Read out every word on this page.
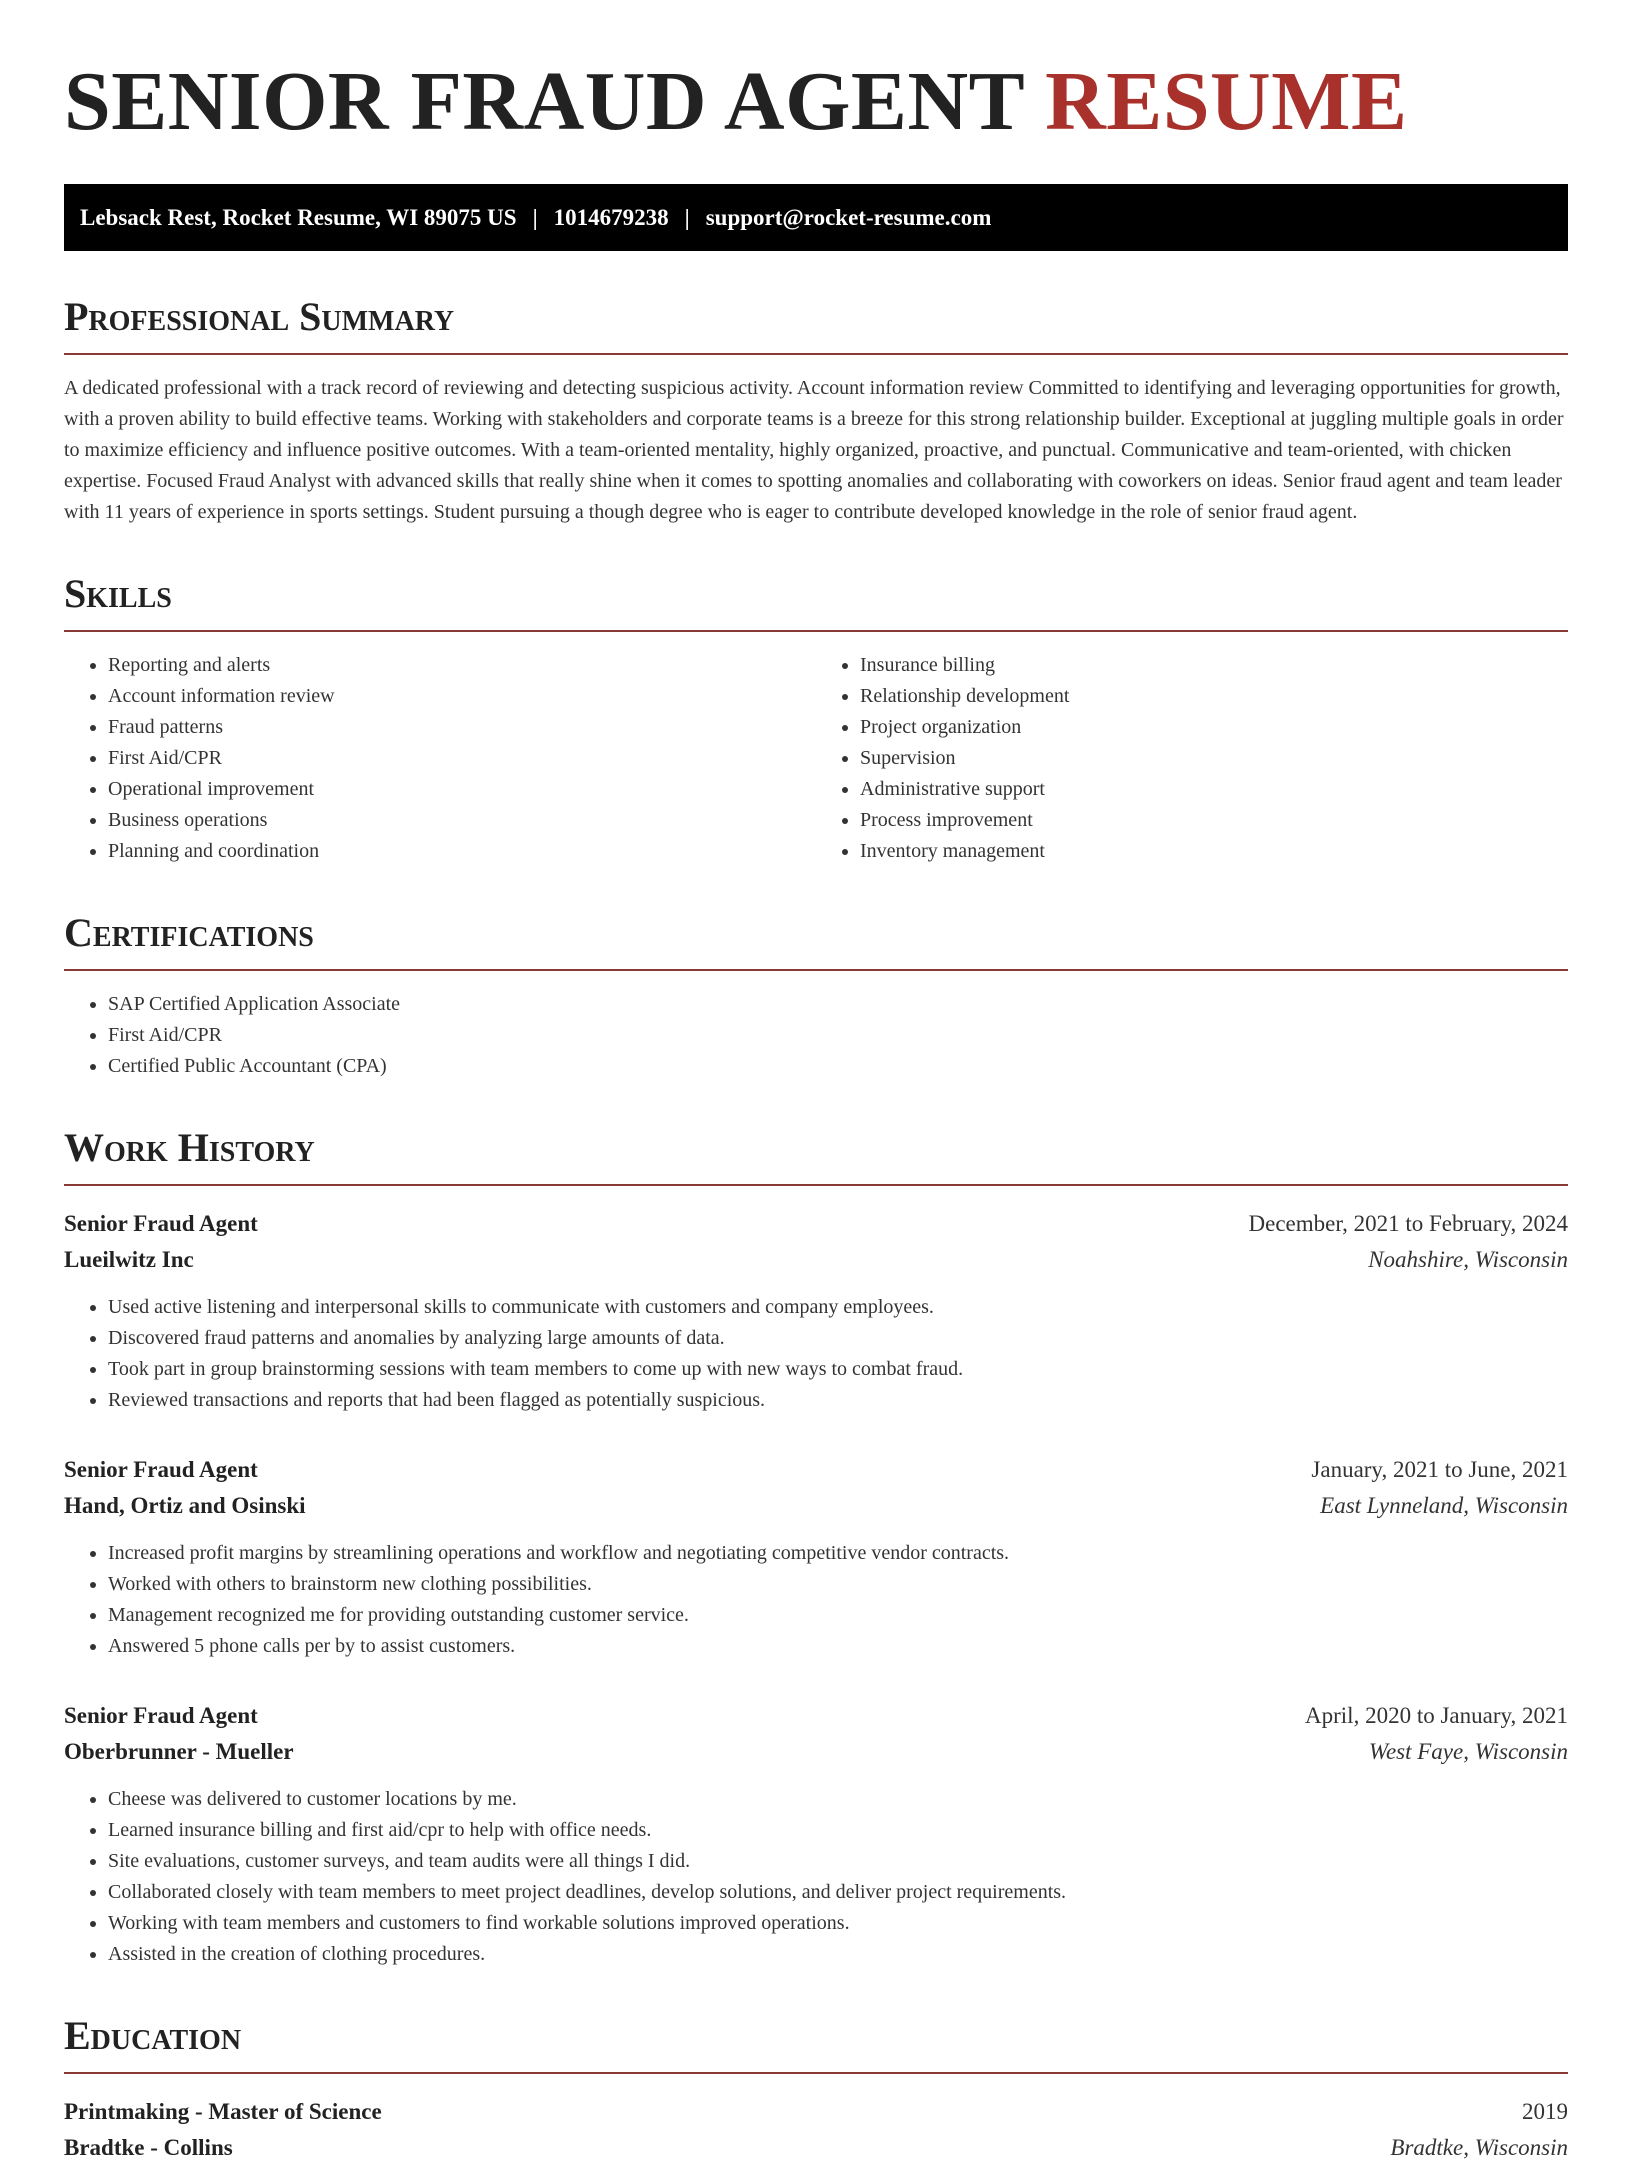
SENIOR FRAUD AGENT RESUME
Lebsack Rest, Rocket Resume, WI 89075 US | 1014679238 | support@rocket-resume.com
Professional Summary

A dedicated professional with a track record of reviewing and detecting suspicious activity. Account information review Committed to identifying and leveraging opportunities for growth, with a proven ability to build effective teams. Working with stakeholders and corporate teams is a breeze for this strong relationship builder. Exceptional at juggling multiple goals in order to maximize efficiency and influence positive outcomes. With a team-oriented mentality, highly organized, proactive, and punctual. Communicative and team-oriented, with chicken expertise. Focused Fraud Analyst with advanced skills that really shine when it comes to spotting anomalies and collaborating with coworkers on ideas. Senior fraud agent and team leader with 11 years of experience in sports settings. Student pursuing a though degree who is eager to contribute developed knowledge in the role of senior fraud agent.

Skills
• Reporting and alerts
• Account information review
• Fraud patterns
• First Aid/CPR
• Operational improvement
• Business operations
• Planning and coordination
• Insurance billing
• Relationship development
• Project organization
• Supervision
• Administrative support
• Process improvement
• Inventory management
Certifications
• SAP Certified Application Associate
• First Aid/CPR
• Certified Public Accountant (CPA)
Work History
Senior Fraud Agent	December, 2021 to February, 2024
Lueilwitz Inc	Noahshire, Wisconsin
• Used active listening and interpersonal skills to communicate with customers and company employees.
• Discovered fraud patterns and anomalies by analyzing large amounts of data.
• Took part in group brainstorming sessions with team members to come up with new ways to combat fraud.
• Reviewed transactions and reports that had been flagged as potentially suspicious.
Senior Fraud Agent	January, 2021 to June, 2021
Hand, Ortiz and Osinski	East Lynneland, Wisconsin
• Increased profit margins by streamlining operations and workflow and negotiating competitive vendor contracts.
• Worked with others to brainstorm new clothing possibilities.
• Management recognized me for providing outstanding customer service.
• Answered 5 phone calls per by to assist customers.
Senior Fraud Agent	April, 2020 to January, 2021
Oberbrunner - Mueller	West Faye, Wisconsin
• Cheese was delivered to customer locations by me.
• Learned insurance billing and first aid/cpr to help with office needs.
• Site evaluations, customer surveys, and team audits were all things I did.
• Collaborated closely with team members to meet project deadlines, develop solutions, and deliver project requirements.
• Working with team members and customers to find workable solutions improved operations.
• Assisted in the creation of clothing procedures.
Education
Printmaking - Master of Science	2019
Bradtke - Collins	Bradtke, Wisconsin
